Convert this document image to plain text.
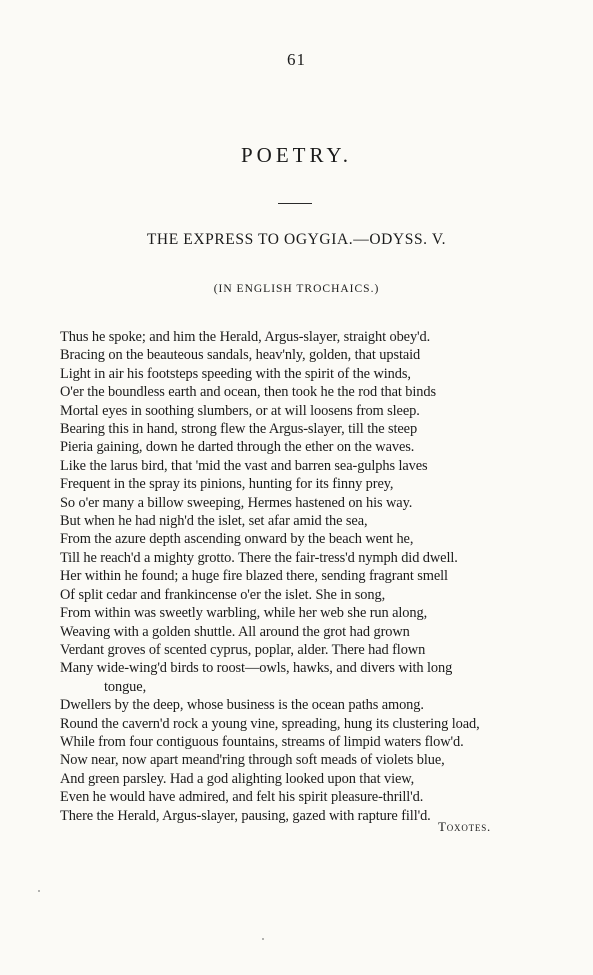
61
POETRY.
THE EXPRESS TO OGYGIA.—ODYSS. V.
(IN ENGLISH TROCHAICS.)
Thus he spoke; and him the Herald, Argus-slayer, straight obey'd.
Bracing on the beauteous sandals, heav'nly, golden, that upstaid
Light in air his footsteps speeding with the spirit of the winds,
O'er the boundless earth and ocean, then took he the rod that binds
Mortal eyes in soothing slumbers, or at will loosens from sleep.
Bearing this in hand, strong flew the Argus-slayer, till the steep
Pieria gaining, down he darted through the ether on the waves.
Like the larus bird, that 'mid the vast and barren sea-gulphs laves
Frequent in the spray its pinions, hunting for its finny prey,
So o'er many a billow sweeping, Hermes hastened on his way.
But when he had nigh'd the islet, set afar amid the sea,
From the azure depth ascending onward by the beach went he,
Till he reach'd a mighty grotto. There the fair-tress'd nymph did dwell.
Her within he found; a huge fire blazed there, sending fragrant smell
Of split cedar and frankincense o'er the islet. She in song,
From within was sweetly warbling, while her web she run along,
Weaving with a golden shuttle. All around the grot had grown
Verdant groves of scented cyprus, poplar, alder. There had flown
Many wide-wing'd birds to roost—owls, hawks, and divers with long
tongue,
Dwellers by the deep, whose business is the ocean paths among.
Round the cavern'd rock a young vine, spreading, hung its clustering load,
While from four contiguous fountains, streams of limpid waters flow'd.
Now near, now apart meand'ring through soft meads of violets blue,
And green parsley. Had a god alighting looked upon that view,
Even he would have admired, and felt his spirit pleasure-thrill'd.
There the Herald, Argus-slayer, pausing, gazed with rapture fill'd.
Toxotes.
